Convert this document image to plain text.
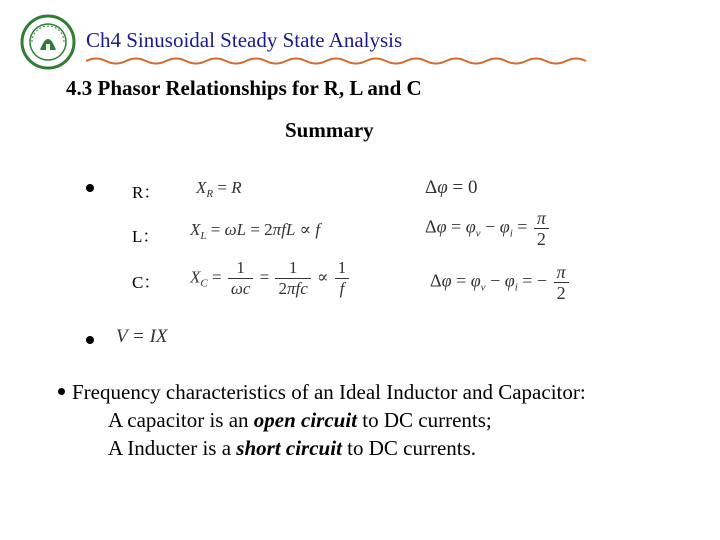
Ch4 Sinusoidal Steady State Analysis
4.3 Phasor Relationships for R, L and C
Summary
R： $X_R = R$	Δφ = 0
L： $X_L = \omega L = 2\pi fL \propto f$	$\Delta\varphi = \varphi_v - \varphi_i = \frac{\pi}{2}$
C： $X_C = \frac{1}{\omega c} = \frac{1}{\text{2πfc}} \propto \frac{1}{f}$	$\Delta\varphi = \varphi_v - \varphi_i$ = − $\frac{\pi}{2}$
V = IX
Frequency characteristics of an Ideal Inductor and Capacitor:
A capacitor is an open circuit to DC currents;
A Inducter is a short circuit to DC currents.
